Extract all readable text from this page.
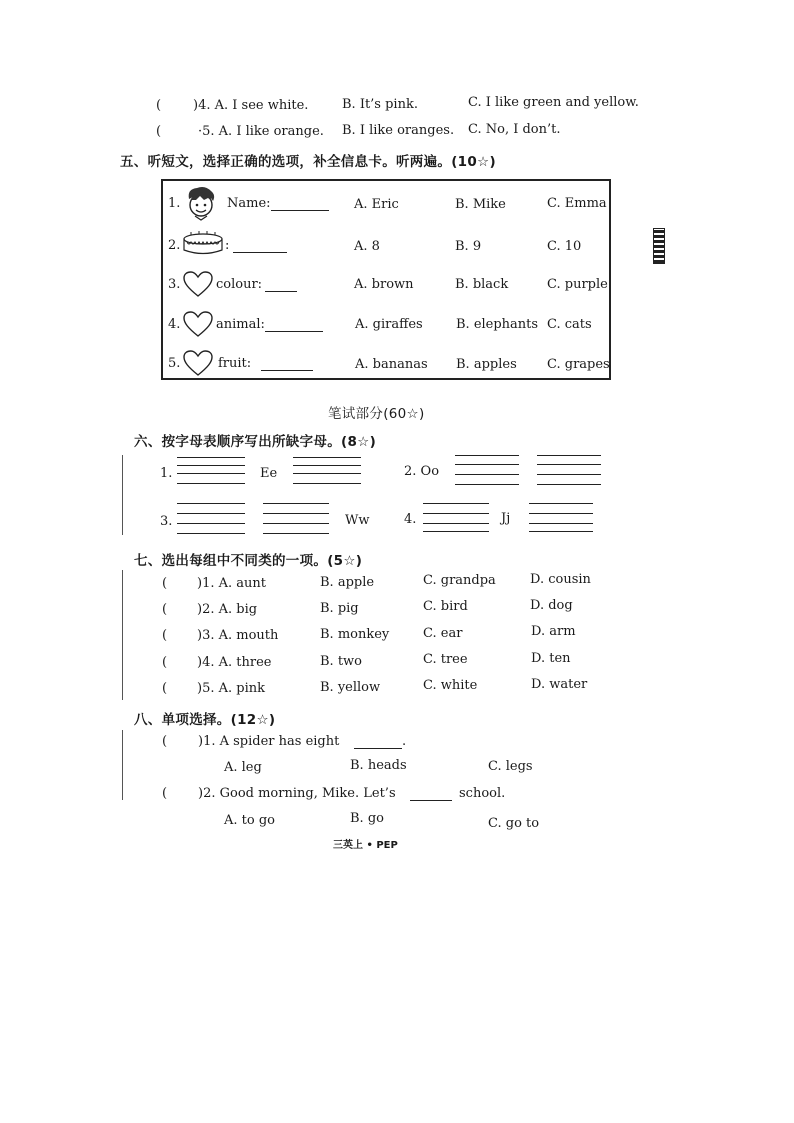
( )4. A. I see white.	B. It’s pink.	C. I like green and yellow.
(	·5. A. I like orange. B. I like oranges. C. No, I don’t.
五、听短文，选择正确的选项，补全信息卡。听两遍。(10☆)
1.	Name:	A. Eric	B. Mike	C. Emma
2.	:	A. 8	B. 9	C. 10
3.	colour:	A. brown	B. black	C. purple
4.	animal:	A. giraffes	B. elephants C. cats
5.	fruit:	A. bananas B. apples C. grapes
笔试部分(60☆)
六、按字母表顺序写出所缺字母。(8☆)
1.	Ee	2. Oo
3.	Ww	4.	Jj
七、选出每组中不同类的一项。(5☆)
( )1. A. aunt	B. apple	C. grandpa	D. cousin
( )2. A. big	B. pig	C. bird	D. dog
( )3. A. mouth	B. monkey	C. ear	D. arm
( )4. A. three	B. two	C. tree	D. ten
( )5. A. pink	B. yellow	C. white	D. water
八、单项选择。(12☆)
( )1. A spider has eight	.
A. leg	B. heads	C. legs
( )2. Good morning, Mike. Let’s	school.
A. to go	B. go	C. go to
三英上 • PEP
